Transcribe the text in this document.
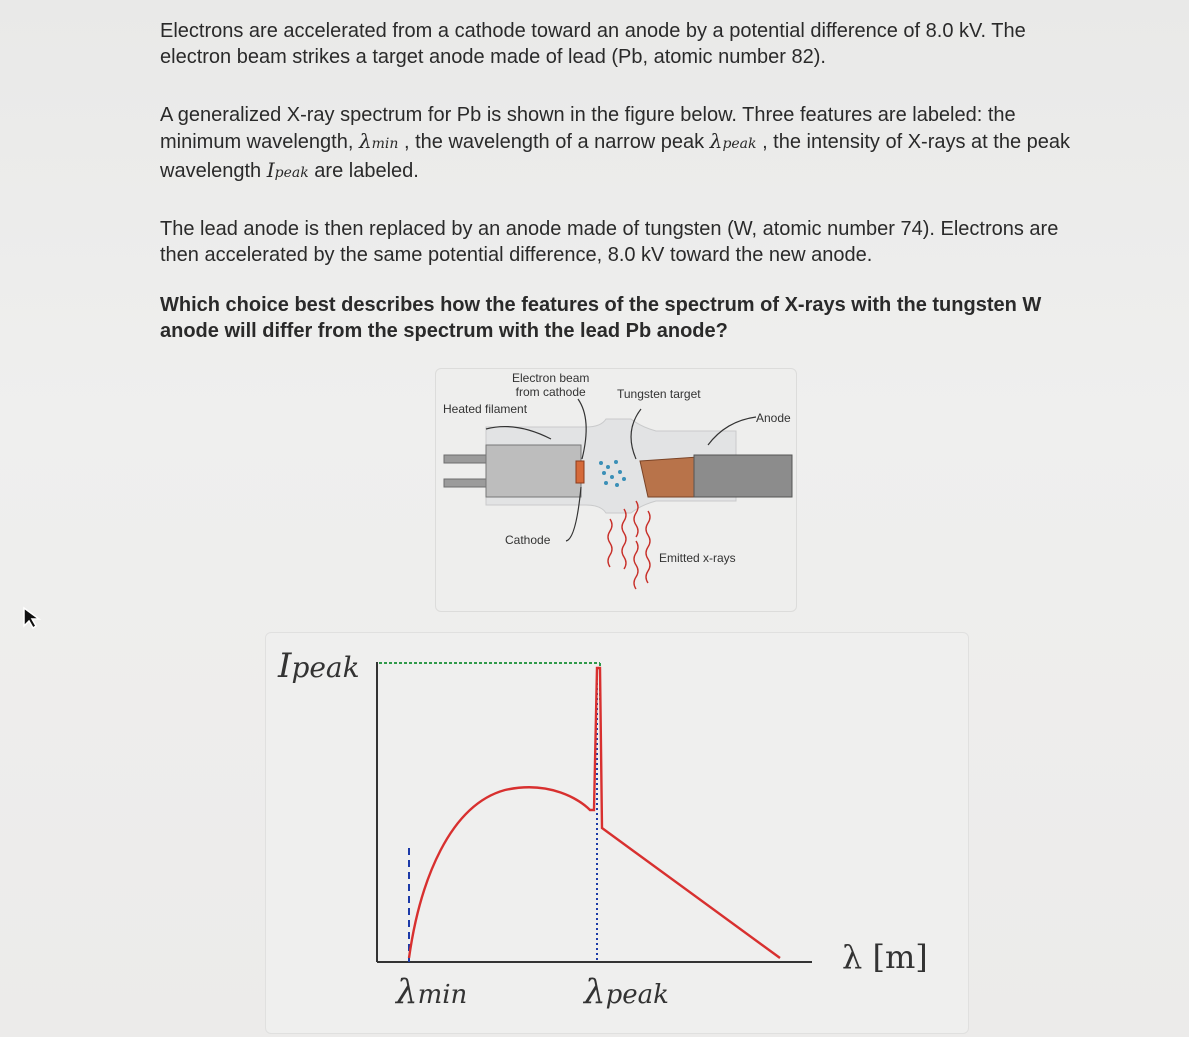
Electrons are accelerated from a cathode toward an anode by a potential difference of 8.0 kV. The electron beam strikes a target anode made of lead (Pb, atomic number 82).

A generalized X-ray spectrum for Pb is shown in the figure below. Three features are labeled: the minimum wavelength, λmin , the wavelength of a narrow peak λpeak , the intensity of X-rays at the peak wavelength Ipeak are labeled.

The lead anode is then replaced by an anode made of tungsten (W, atomic number 74). Electrons are then accelerated by the same potential difference, 8.0 kV toward the new anode.

Which choice best describes how the features of the spectrum of X-rays with the tungsten W anode will differ from the spectrum with the lead Pb anode?

Electron beam
from cathode	Tungsten target
Heated filament
Anode
Cathode
Emitted x-rays
Ipeak
λmin	λpeak
λ [m]
